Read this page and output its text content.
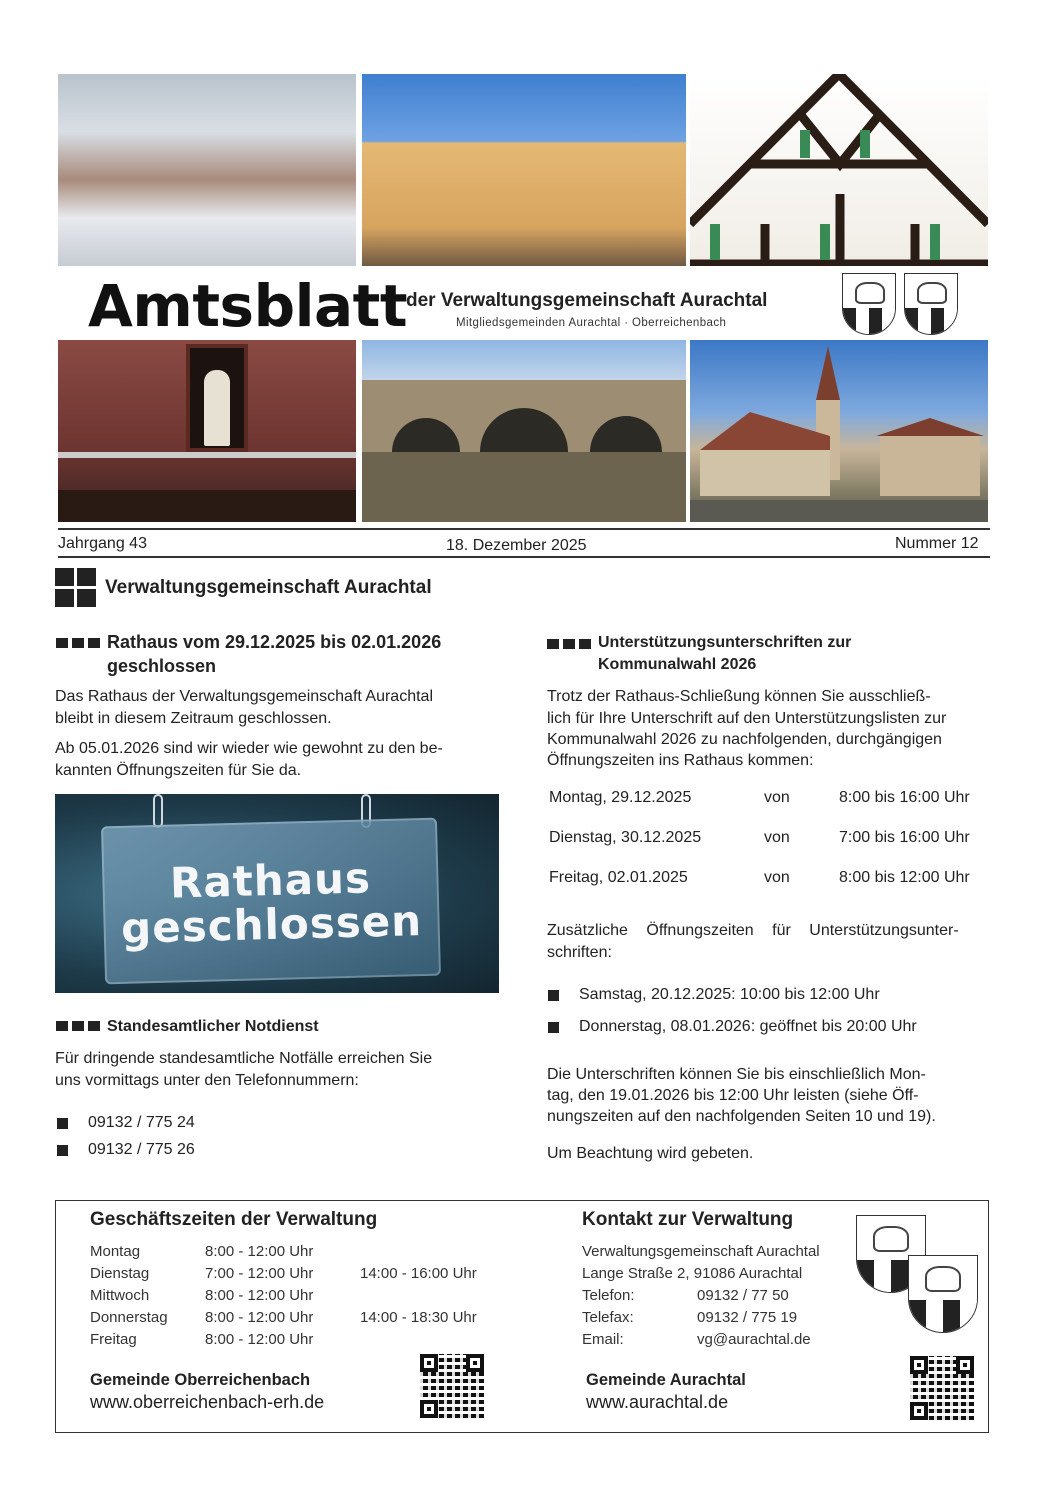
Amtsblatt
der Verwaltungsgemeinschaft Aurachtal
Mitgliedsgemeinden Aurachtal · Oberreichenbach
Jahrgang 43	18. Dezember 2025	Nummer 12
Verwaltungsgemeinschaft Aurachtal
Rathaus vom 29.12.2025 bis 02.01.2026
geschlossen
Das Rathaus der Verwaltungsgemeinschaft Aurachtal
bleibt in diesem Zeitraum geschlossen.
Ab 05.01.2026 sind wir wieder wie gewohnt zu den be-
kannten Öffnungszeiten für Sie da.
Rathaus
geschlossen
Standesamtlicher Notdienst
Für dringende standesamtliche Notfälle erreichen Sie
uns vormittags unter den Telefonnummern:
09132 / 775 24
09132 / 775 26
Unterstützungsunterschriften zur
Kommunalwahl 2026
Trotz der Rathaus-Schließung können Sie ausschließ-
lich für Ihre Unterschrift auf den Unterstützungslisten zur
Kommunalwahl 2026 zu nachfolgenden, durchgängigen
Öffnungszeiten ins Rathaus kommen:
Montag, 29.12.2025	von	8:00 bis 16:00 Uhr
Dienstag, 30.12.2025	von	7:00 bis 16:00 Uhr
Freitag, 02.01.2025	von	8:00 bis 12:00 Uhr
Zusätzliche Öffnungszeiten für Unterstützungsunter-
schriften:
Samstag, 20.12.2025: 10:00 bis 12:00 Uhr
Donnerstag, 08.01.2026: geöffnet bis 20:00 Uhr
Die Unterschriften können Sie bis einschließlich Mon-
tag, den 19.01.2026 bis 12:00 Uhr leisten (siehe Öff-
nungszeiten auf den nachfolgenden Seiten 10 und 19).
Um Beachtung wird gebeten.
Geschäftszeiten der Verwaltung
Montag	8:00 - 12:00 Uhr
Dienstag	7:00 - 12:00 Uhr	14:00 - 16:00 Uhr
Mittwoch	8:00 - 12:00 Uhr
Donnerstag 8:00 - 12:00 Uhr	14:00 - 18:30 Uhr
Freitag	8:00 - 12:00 Uhr
Kontakt zur Verwaltung
Verwaltungsgemeinschaft Aurachtal
Lange Straße 2, 91086 Aurachtal
Telefon:	09132 / 77 50
Telefax:	09132 / 775 19
Email:	vg@aurachtal.de
Gemeinde Oberreichenbach
www.oberreichenbach-erh.de
Gemeinde Aurachtal
www.aurachtal.de
